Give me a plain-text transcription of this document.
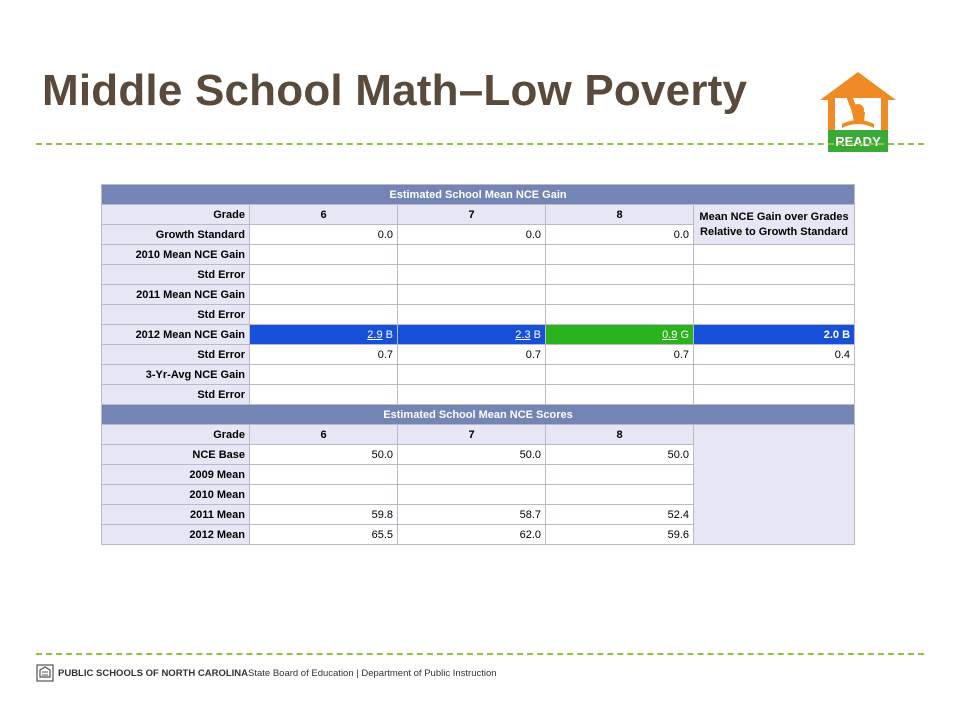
Middle School Math–Low Poverty
READY
Estimated School Mean NCE Gain				
Grade	6	7	8	Mean NCE Gain over Grades Relative to Growth Standard
Growth Standard	0.0	0.0	0.0	
2010 Mean NCE Gain				
Std Error				
2011 Mean NCE Gain				
Std Error				
2012 Mean NCE Gain	2.9 B	2.3 B	0.9 G	2.0 B
Std Error	0.7	0.7	0.7	0.4
3-Yr-Avg NCE Gain				
Std Error				
Estimated School Mean NCE Scores				
Grade	6	7	8	
NCE Base	50.0	50.0	50.0	
2009 Mean				
2010 Mean				
2011 Mean	59.8	58.7	52.4	
2012 Mean	65.5	62.0	59.6	
PUBLIC SCHOOLS OF NORTH CAROLINA State Board of Education | Department of Public Instruction
